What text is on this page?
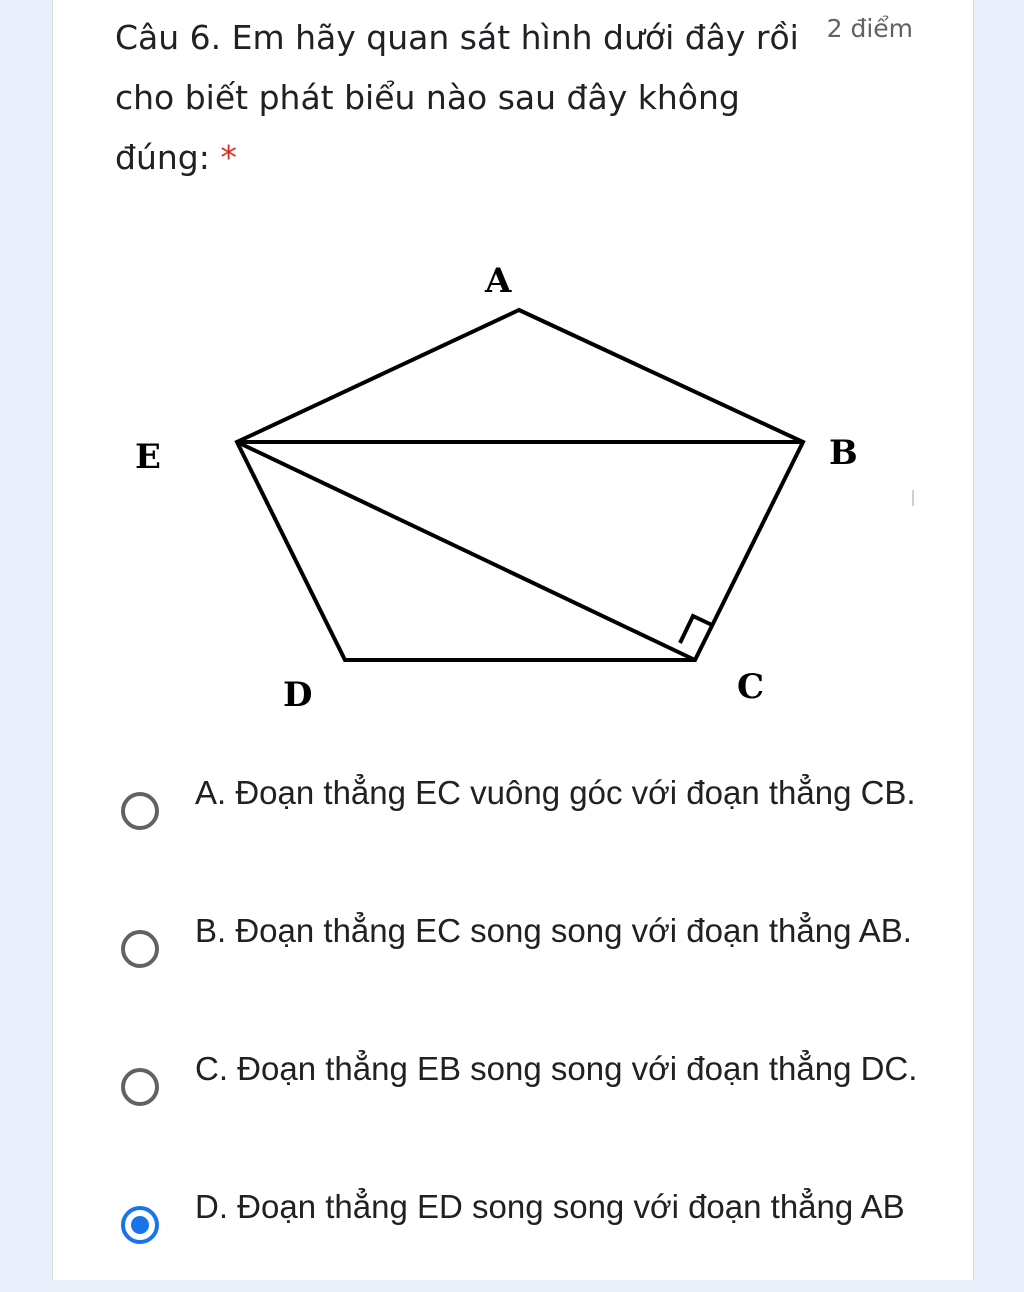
Câu 6. Em hãy quan sát hình dưới đây rồi cho biết phát biểu nào sau đây không đúng: *
2 điểm
A
B
C
D
E
A. Đoạn thẳng EC vuông góc với đoạn thẳng CB.
B. Đoạn thẳng EC song song với đoạn thẳng AB.
C. Đoạn thẳng EB song song với đoạn thẳng DC.
D. Đoạn thẳng ED song song với đoạn thẳng AB
